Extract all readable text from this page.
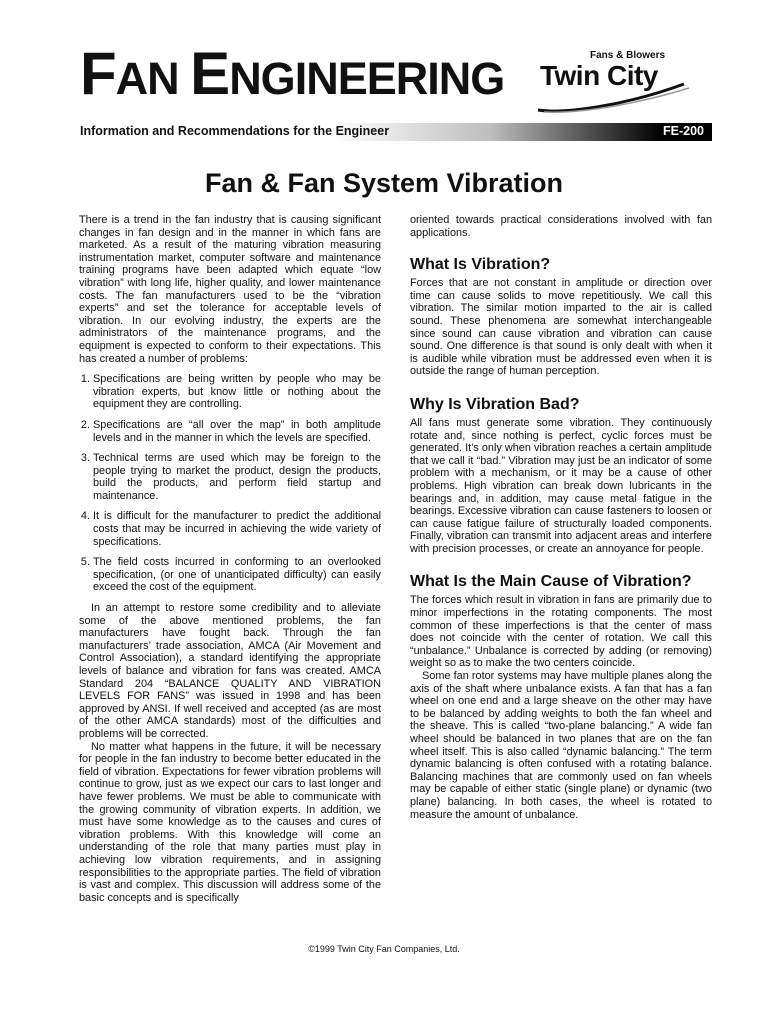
FAN ENGINEERING	Fans & Blowers
Twin City
Information and Recommendations for the Engineer	FE-200
Fan & Fan System Vibration

There is a trend in the fan industry that is causing significant changes in fan design and in the manner in which fans are marketed. As a result of the maturing vibration measuring instrumentation market, computer software and maintenance training programs have been adapted which equate “low vibration” with long life, higher quality, and lower maintenance costs. The fan manufacturers used to be the “vibration experts” and set the tolerance for acceptable levels of vibration. In our evolving industry, the experts are the administrators of the maintenance programs, and the equipment is expected to conform to their expectations. This has created a number of problems:

1. Specifications are being written by people who may be vibration experts, but know little or nothing about the equipment they are controlling.
2. Specifications are “all over the map” in both amplitude levels and in the manner in which the levels are specified.
3. Technical terms are used which may be foreign to the people trying to market the product, design the products, build the products, and perform field startup and maintenance.
4. It is difficult for the manufacturer to predict the additional costs that may be incurred in achieving the wide variety of specifications.
5. The field costs incurred in conforming to an overlooked specification, (or one of unanticipated difficulty) can easily exceed the cost of the equipment.

In an attempt to restore some credibility and to alleviate some of the above mentioned problems, the fan manufacturers have fought back. Through the fan manufacturers’ trade association, AMCA (Air Movement and Control Association), a standard identifying the appropriate levels of balance and vibration for fans was created. AMCA Standard 204 “BALANCE QUALITY AND VIBRATION LEVELS FOR FANS” was issued in 1998 and has been approved by ANSI. If well received and accepted (as are most of the other AMCA standards) most of the difficulties and problems will be corrected.

No matter what happens in the future, it will be necessary for people in the fan industry to become better educated in the field of vibration. Expectations for fewer vibration problems will continue to grow, just as we expect our cars to last longer and have fewer problems. We must be able to communicate with the growing community of vibration experts. In addition, we must have some knowledge as to the causes and cures of vibration problems. With this knowledge will come an understanding of the role that many parties must play in achieving low vibration requirements, and in assigning responsibilities to the appropriate parties. The field of vibration is vast and complex. This discussion will address some of the basic concepts and is specifically

oriented towards practical considerations involved with fan applications.

What Is Vibration?

Forces that are not constant in amplitude or direction over time can cause solids to move repetitiously. We call this vibration. The similar motion imparted to the air is called sound. These phenomena are somewhat interchangeable since sound can cause vibration and vibration can cause sound. One difference is that sound is only dealt with when it is audible while vibration must be addressed even when it is outside the range of human perception.

Why Is Vibration Bad?

All fans must generate some vibration. They continuously rotate and, since nothing is perfect, cyclic forces must be generated. It’s only when vibration reaches a certain amplitude that we call it “bad.” Vibration may just be an indicator of some problem with a mechanism, or it may be a cause of other problems. High vibration can break down lubricants in the bearings and, in addition, may cause metal fatigue in the bearings. Excessive vibration can cause fasteners to loosen or can cause fatigue failure of structurally loaded components. Finally, vibration can transmit into adjacent areas and interfere with precision processes, or create an annoyance for people.

What Is the Main Cause of Vibration?

The forces which result in vibration in fans are primarily due to minor imperfections in the rotating components. The most common of these imperfections is that the center of mass does not coincide with the center of rotation. We call this “unbalance.” Unbalance is corrected by adding (or removing) weight so as to make the two centers coincide.

Some fan rotor systems may have multiple planes along the axis of the shaft where unbalance exists. A fan that has a fan wheel on one end and a large sheave on the other may have to be balanced by adding weights to both the fan wheel and the sheave. This is called “two-plane balancing.” A wide fan wheel should be balanced in two planes that are on the fan wheel itself. This is also called “dynamic balancing.” The term dynamic balancing is often confused with a rotating balance. Balancing machines that are commonly used on fan wheels may be capable of either static (single plane) or dynamic (two plane) balancing. In both cases, the wheel is rotated to measure the amount of unbalance.

©1999 Twin City Fan Companies, Ltd.
